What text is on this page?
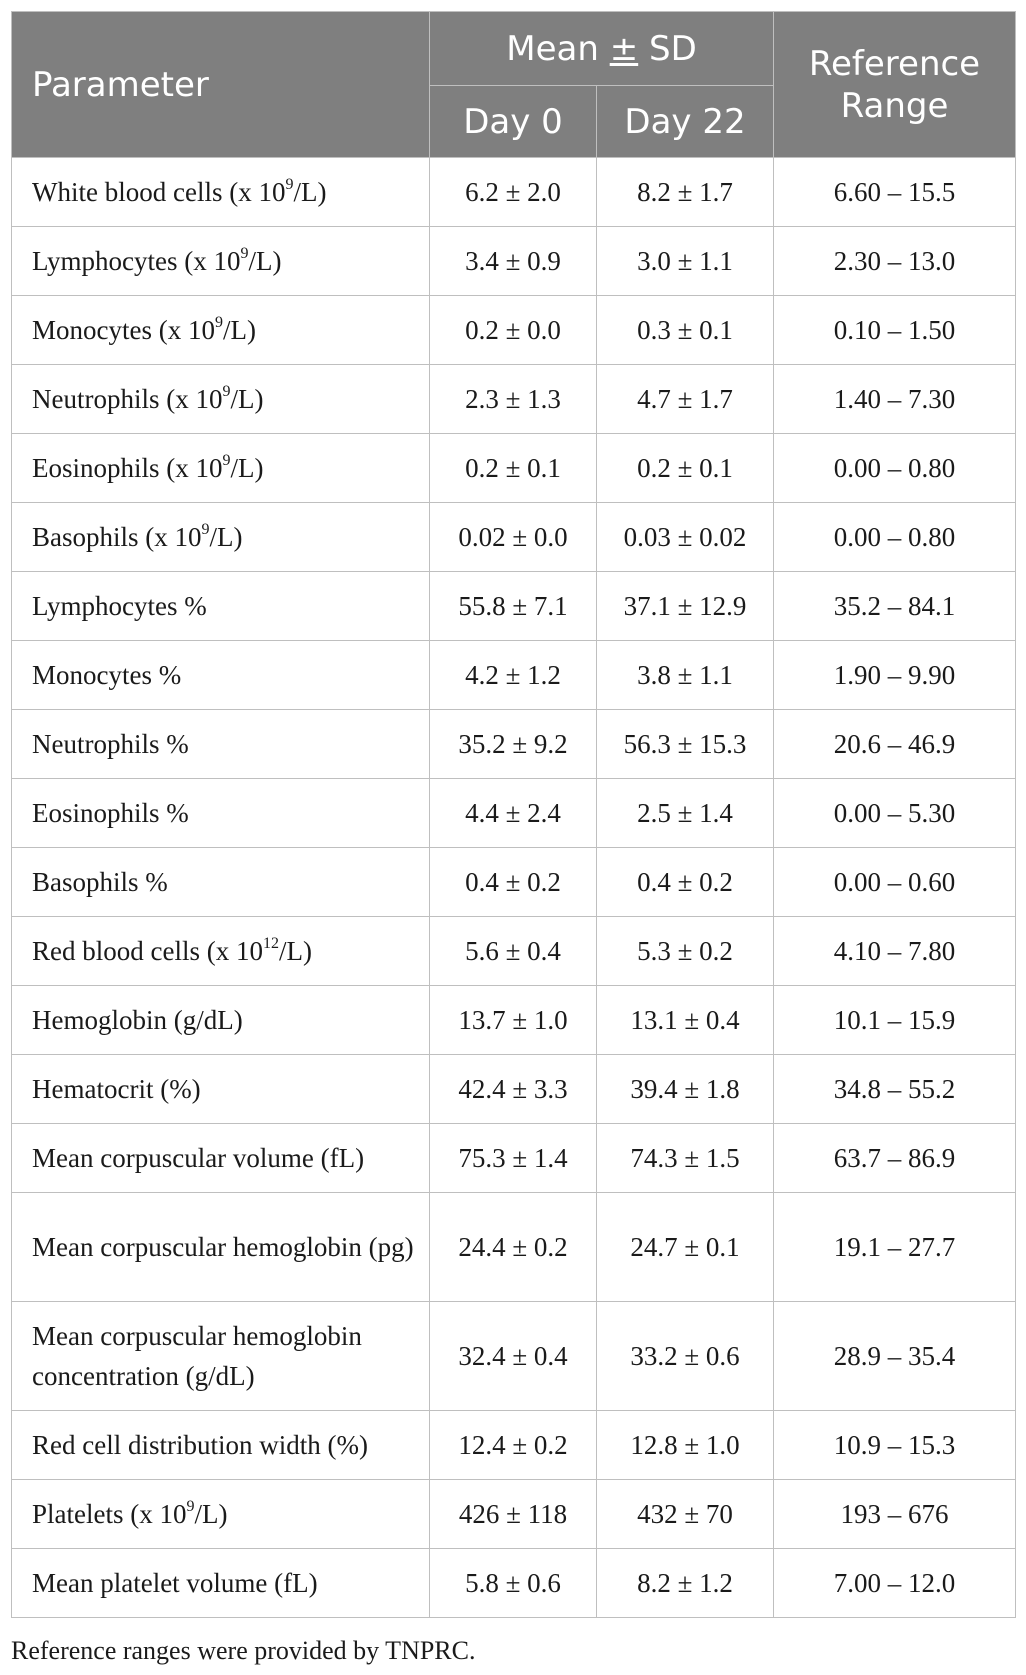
Parameter	Mean ± SD		Reference Range
	Day 0	Day 22	
White blood cells (x $10^9/L$)	6.2 ± 2.0	8.2 ± 1.7	6.60 – 15.5
Lymphocytes (x $10^9/L$)	3.4 ± 0.9	3.0 ± 1.1	2.30 – 13.0
Monocytes (x $10^9/L$)	0.2 ± 0.0	0.3 ± 0.1	0.10 – 1.50
Neutrophils (x $10^9/L$)	2.3 ± 1.3	4.7 ± 1.7	1.40 – 7.30
Eosinophils (x $10^9/L$)	0.2 ± 0.1	0.2 ± 0.1	0.00 – 0.80
Basophils (x $10^9/L$)	0.02 ± 0.0	0.03 ± 0.02	0.00 – 0.80
Lymphocytes %	55.8 ± 7.1	37.1 ± 12.9	35.2 – 84.1
Monocytes %	4.2 ± 1.2	3.8 ± 1.1	1.90 – 9.90
Neutrophils %	35.2 ± 9.2	56.3 ± 15.3	20.6 – 46.9
Eosinophils %	4.4 ± 2.4	2.5 ± 1.4	0.00 – 5.30
Basophils %	0.4 ± 0.2	0.4 ± 0.2	0.00 – 0.60
Red blood cells (x $10^{12}/L$)	5.6 ± 0.4	5.3 ± 0.2	4.10 – 7.80
Hemoglobin (g/dL)	13.7 ± 1.0	13.1 ± 0.4	10.1 – 15.9
Hematocrit (%)	42.4 ± 3.3	39.4 ± 1.8	34.8 – 55.2
Mean corpuscular volume (fL)	75.3 ± 1.4	74.3 ± 1.5	63.7 – 86.9
Mean corpuscular hemoglobin (pg)	24.4 ± 0.2	24.7 ± 0.1	19.1 – 27.7
Mean corpuscular hemoglobin concentration (g/dL)	32.4 ± 0.4	33.2 ± 0.6	28.9 – 35.4
Red cell distribution width (%)	12.4 ± 0.2	12.8 ± 1.0	10.9 – 15.3
Platelets (x $10^9/L$)	426 ± 118	432 ± 70	193 – 676
Mean platelet volume (fL)	5.8 ± 0.6	8.2 ± 1.2	7.00 – 12.0
Reference ranges were provided by TNPRC.
